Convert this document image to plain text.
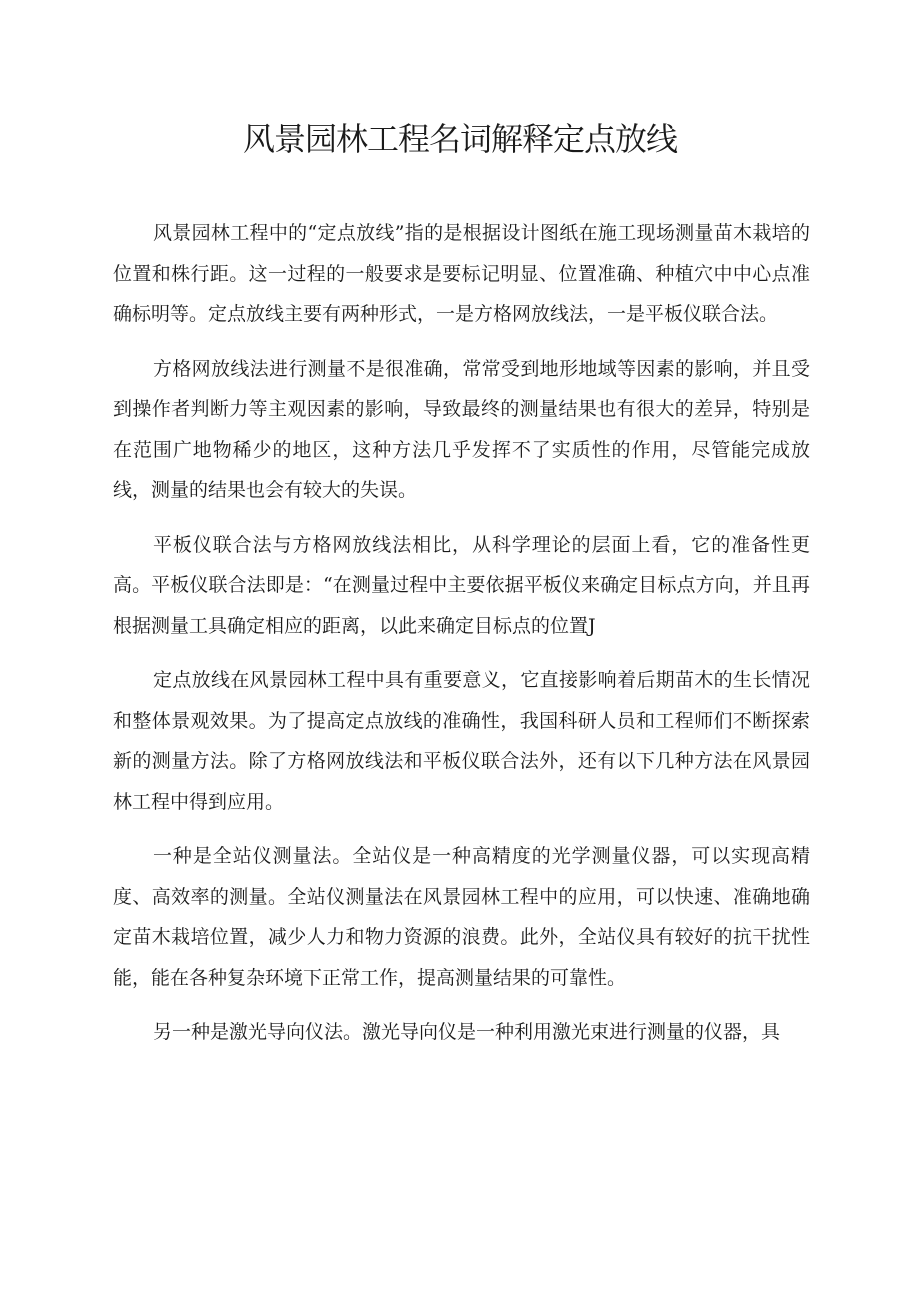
风景园林工程名词解释定点放线

风景园林工程中的“定点放线”指的是根据设计图纸在施工现场测量苗木栽培的位置和株行距。这一过程的一般要求是要标记明显、位置准确、种植穴中中心点准确标明等。定点放线主要有两种形式，一是方格网放线法，一是平板仪联合法。

方格网放线法进行测量不是很准确，常常受到地形地域等因素的影响，并且受到操作者判断力等主观因素的影响，导致最终的测量结果也有很大的差异，特别是在范围广地物稀少的地区，这种方法几乎发挥不了实质性的作用，尽管能完成放线，测量的结果也会有较大的失误。

平板仪联合法与方格网放线法相比，从科学理论的层面上看，它的准备性更高。平板仪联合法即是：“在测量过程中主要依据平板仪来确定目标点方向，并且再根据测量工具确定相应的距离，以此来确定目标点的位置J

定点放线在风景园林工程中具有重要意义，它直接影响着后期苗木的生长情况和整体景观效果。为了提高定点放线的准确性，我国科研人员和工程师们不断探索新的测量方法。除了方格网放线法和平板仪联合法外，还有以下几种方法在风景园林工程中得到应用。

一种是全站仪测量法。全站仪是一种高精度的光学测量仪器，可以实现高精度、高效率的测量。全站仪测量法在风景园林工程中的应用，可以快速、准确地确定苗木栽培位置，减少人力和物力资源的浪费。此外，全站仪具有较好的抗干扰性能，能在各种复杂环境下正常工作，提高测量结果的可靠性。

另一种是激光导向仪法。激光导向仪是一种利用激光束进行测量的仪器，具
